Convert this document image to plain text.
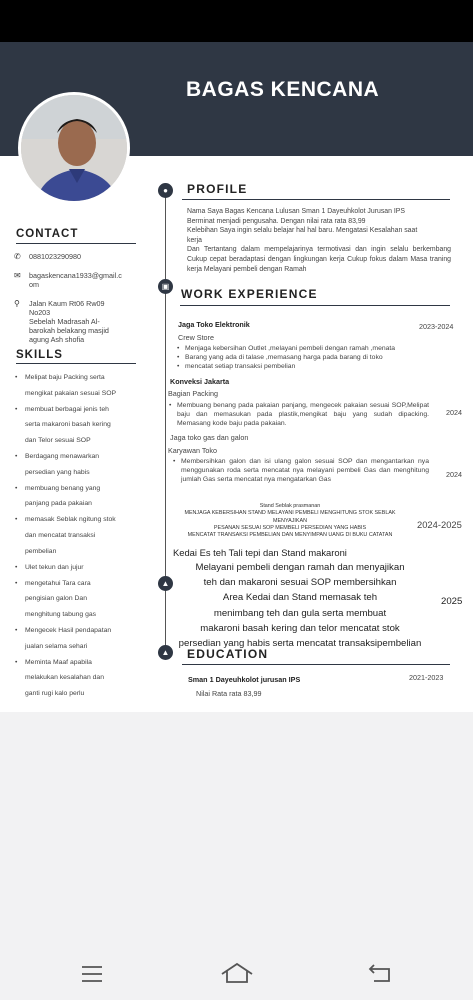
BAGAS KENCANA
CONTACT
✆ 0881023290980
✉ bagaskencana1933@gmail.c
om
⚲ Jalan Kaum Rt06 Rw09
No203
Sebelah Madrasah Al-
barokah belakang masjid
agung Ash shofia
SKILLS
• Melipat baju Packing serta
mengikat pakaian sesuai SOP
• membuat berbagai jenis teh
serta makaroni basah kering
dan Telor sesuai SOP
• Berdagang menawarkan
persedian yang habis
• membuang benang yang
panjang pada pakaian
• memasak Seblak ngitung stok
dan mencatat transaksi
pembelian
• Ulet tekun dan jujur
• mengetahui Tara cara
pengisian galon Dan
menghitung tabung gas
• Mengecek Hasil pendapatan
jualan selama sehari
• Meminta Maaf apabila
melakukan kesalahan dan
ganti rugi kalo perlu
●	PROFILE
Nama Saya Bagas Kencana Lulusan Sman 1 Dayeuhkolot Jurusan IPS
Berminat menjadi pengusaha. Dengan nilai rata rata 83,99
Kelebihan Saya ingin selalu belajar hal hal baru. Mengatasi Kesalahan saat
kerja
Dan Tertantang dalam mempelajarinya termotivasi dan ingin selalu berkembang Cukup cepat beradaptasi dengan lingkungan kerja Cukup fokus dalam Masa traning kerja Melayani pembeli dengan Ramah
▣
WORK EXPERIENCE
Jaga Toko Elektronik	2023-2024
Crew Store
• Menjaga kebersihan Outlet ,melayani pembeli dengan ramah ,menata
• Barang yang ada di talase ,memasang harga pada barang di toko
• mencatat setiap transaksi pembelian
Konveksi Jakarta
Bagian Packing
• Membuang benang pada pakaian panjang, mengecek pakaian sesuai SOP,Melipat baju dan memasukan pada plastik,mengikat baju yang sudah dipacking. Memasang kode baju pada pakaian.
2024
Jaga toko gas dan galon
Karyawan Toko
• Membersihkan galon dan isi ulang galon sesuai SOP dan mengantarkan nya menggunakan roda serta mencatat nya melayani pembeli Gas dan menghitung jumlah Gas serta mencatat nya mengatarkan Gas
2024
Stand Seblak prasmanan
MENJAGA KEBERSIHAN STAND MELAYANI PEMBELI MENGHITUNG STOK SEBLAK
MENYAJIKAN
PESANAN SESUAI SOP MEMBELI PERSEDIAN YANG HABIS
MENCATAT TRANSAKSI PEMBELIAN DAN MENYIMPAN UANG DI BUKU CATATAN
2024-2025
Kedai Es teh Tali tepi dan Stand makaroni
▲
Melayani pembeli dengan ramah dan menyajikan
teh dan makaroni sesuai SOP membersihkan
Area Kedai dan Stand memasak teh
menimbang teh dan gula serta membuat
makaroni basah kering dan telor mencatat stok
persedian yang habis serta mencatat transaksipembelian
2025
▲ EDUCATION
Sman 1 Dayeuhkolot jurusan IPS	2021-2023
Nilai Rata rata 83,99
